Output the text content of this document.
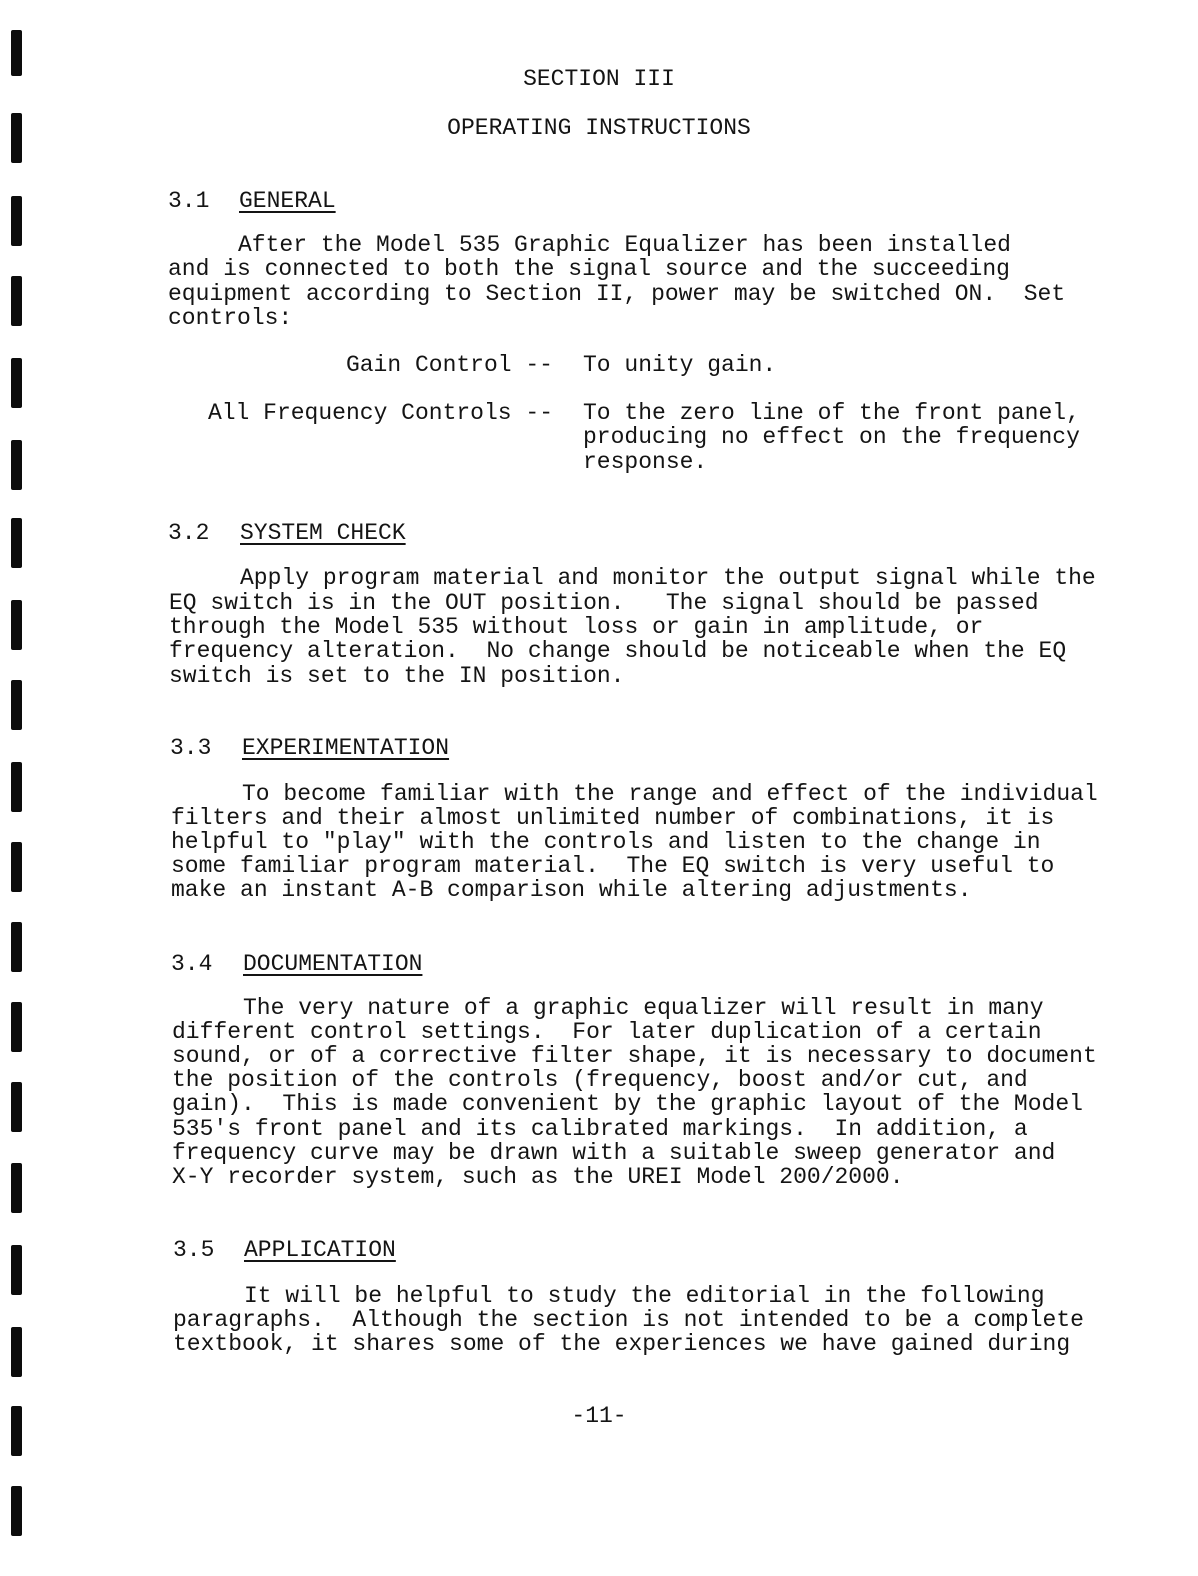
SECTION III
OPERATING INSTRUCTIONS
3.1 GENERAL
After the Model 535 Graphic Equalizer has been installed
and is connected to both the signal source and the succeeding
equipment according to Section II, power may be switched ON.  Set
controls:
Gain Control -- To unity gain.
All Frequency Controls -- To the zero line of the front panel,
producing no effect on the frequency
response.
3.2 SYSTEM CHECK
Apply program material and monitor the output signal while the
EQ switch is in the OUT position.   The signal should be passed
through the Model 535 without loss or gain in amplitude, or
frequency alteration.  No change should be noticeable when the EQ
switch is set to the IN position.
3.3 EXPERIMENTATION
To become familiar with the range and effect of the individual
filters and their almost unlimited number of combinations, it is
helpful to "play" with the controls and listen to the change in
some familiar program material.  The EQ switch is very useful to
make an instant A-B comparison while altering adjustments.
3.4 DOCUMENTATION
The very nature of a graphic equalizer will result in many
different control settings.  For later duplication of a certain
sound, or of a corrective filter shape, it is necessary to document
the position of the controls (frequency, boost and/or cut, and
gain).  This is made convenient by the graphic layout of the Model
535's front panel and its calibrated markings.  In addition, a
frequency curve may be drawn with a suitable sweep generator and
X-Y recorder system, such as the UREI Model 200/2000.
3.5 APPLICATION
It will be helpful to study the editorial in the following
paragraphs.  Although the section is not intended to be a complete
textbook, it shares some of the experiences we have gained during
-11-
